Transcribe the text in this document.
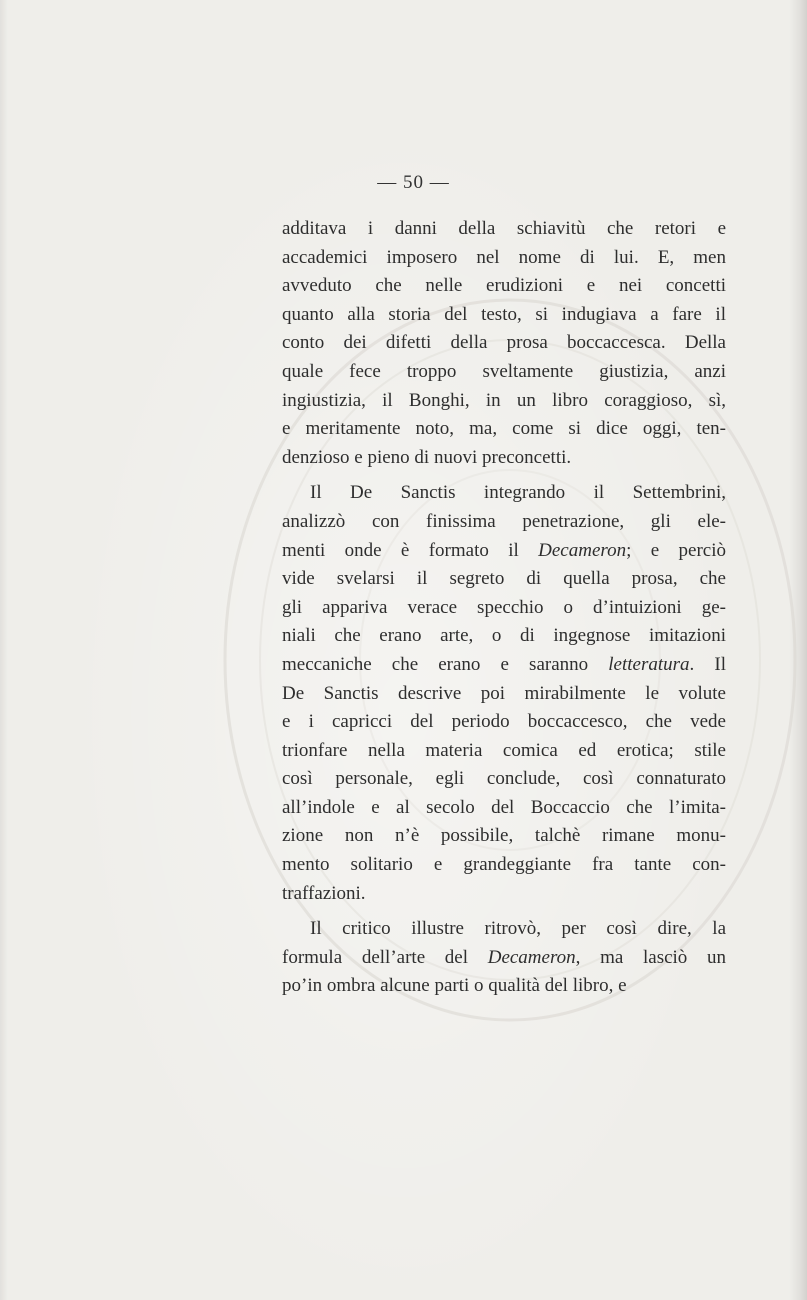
— 50 —
additava i danni della schiavitù che retori e
accademici imposero nel nome di lui. E, men
avveduto che nelle erudizioni e nei concetti
quanto alla storia del testo, si indugiava a fare il
conto dei difetti della prosa boccaccesca. Della
quale fece troppo sveltamente giustizia, anzi
ingiustizia, il Bonghi, in un libro coraggioso, sì,
e meritamente noto, ma, come si dice oggi, ten-
denzioso e pieno di nuovi preconcetti.
Il De Sanctis integrando il Settembrini,
analizzò con finissima penetrazione, gli ele-
menti onde è formato il Decameron; e perciò
vide svelarsi il segreto di quella prosa, che
gli appariva verace specchio o d’intuizioni ge-
niali che erano arte, o di ingegnose imitazioni
meccaniche che erano e saranno letteratura. Il
De Sanctis descrive poi mirabilmente le volute
e i capricci del periodo boccaccesco, che vede
trionfare nella materia comica ed erotica; stile
così personale, egli conclude, così connaturato
all’indole e al secolo del Boccaccio che l’imita-
zione non n’è possibile, talchè rimane monu-
mento solitario e grandeggiante fra tante con-
traffazioni.
Il critico illustre ritrovò, per così dire, la
formula dell’arte del Decameron, ma lasciò un
po’in ombra alcune parti o qualità del libro, e
